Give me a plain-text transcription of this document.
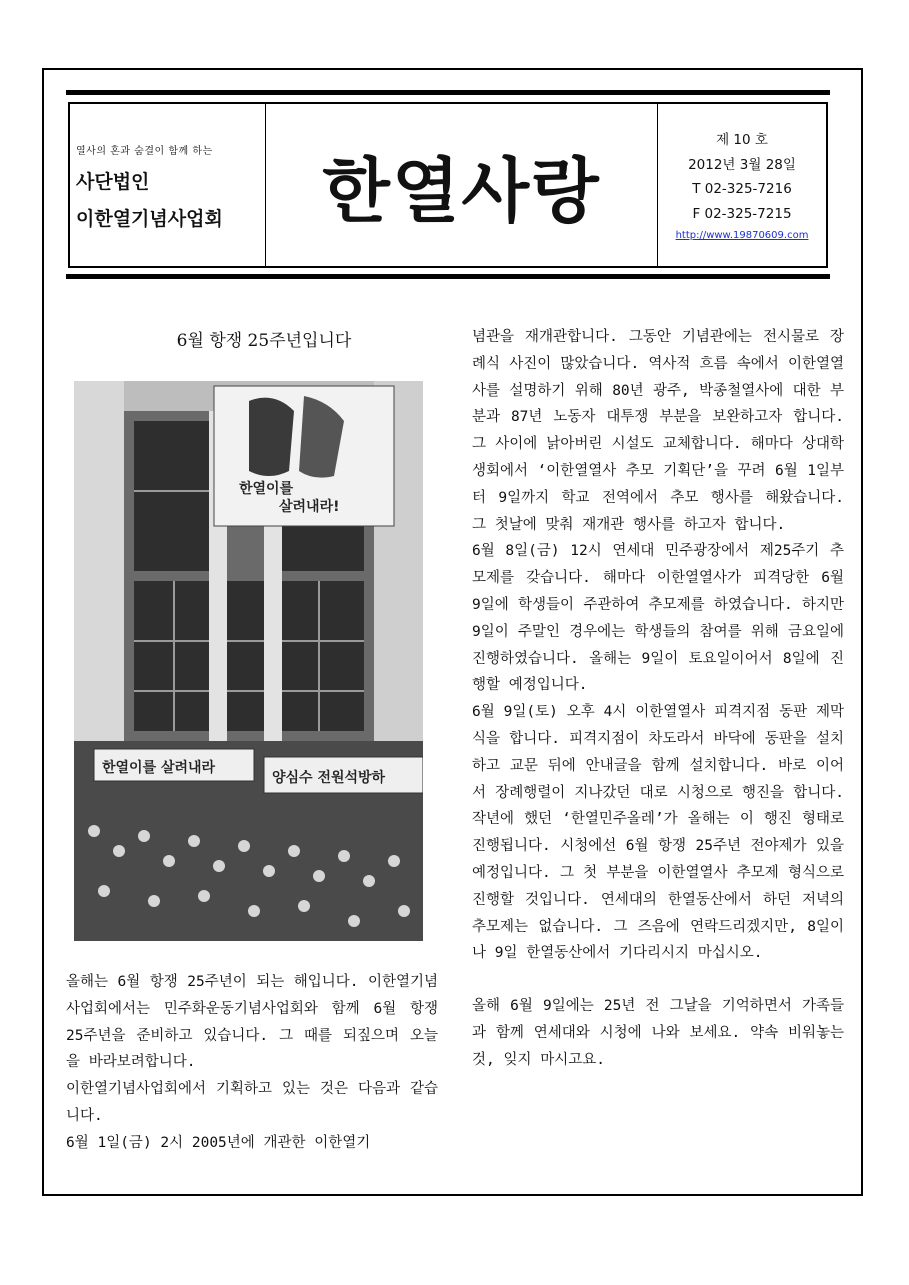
열사의 혼과 숨결이 함께 하는
사단법인
이한열기념사업회	한열사랑
제 10 호
2012년 3월 28일
T 02-325-7216
F 02-325-7215
http://www.19870609.com
6월 항쟁 25주년입니다
한열이를
살려내라!
한열이를 살려내라
양심수 전원석방하

올해는 6월 항쟁 25주년이 되는 해입니다. 이한열기념사업회에서는 민주화운동기념사업회와 함께 6월 항쟁 25주년을 준비하고 있습니다. 그 때를 되짚으며 오늘을 바라보려합니다.

이한열기념사업회에서 기획하고 있는 것은 다음과 같습니다.

6월 1일(금) 2시 2005년에 개관한 이한열기

념관을 재개관합니다. 그동안 기념관에는 전시물로 장례식 사진이 많았습니다. 역사적 흐름 속에서 이한열열사를 설명하기 위해 80년 광주, 박종철열사에 대한 부분과 87년 노동자 대투쟁 부분을 보완하고자 합니다. 그 사이에 낡아버린 시설도 교체합니다. 해마다 상대학생회에서 ‘이한열열사 추모 기획단’을 꾸려 6월 1일부터 9일까지 학교 전역에서 추모 행사를 해왔습니다. 그 첫날에 맞춰 재개관 행사를 하고자 합니다.

6월 8일(금) 12시 연세대 민주광장에서 제25주기 추모제를 갖습니다. 해마다 이한열열사가 피격당한 6월 9일에 학생들이 주관하여 추모제를 하였습니다. 하지만 9일이 주말인 경우에는 학생들의 참여를 위해 금요일에 진행하였습니다. 올해는 9일이 토요일이어서 8일에 진행할 예정입니다.

6월 9일(토) 오후 4시 이한열열사 피격지점 동판 제막식을 합니다. 피격지점이 차도라서 바닥에 동판을 설치하고 교문 뒤에 안내글을 함께 설치합니다. 바로 이어서 장례행렬이 지나갔던 대로 시청으로 행진을 합니다. 작년에 했던 ‘한열민주올레’가 올해는 이 행진 형태로 진행됩니다. 시청에선 6월 항쟁 25주년 전야제가 있을 예정입니다. 그 첫 부분을 이한열열사 추모제 형식으로 진행할 것입니다. 연세대의 한열동산에서 하던 저녁의 추모제는 없습니다. 그 즈음에 연락드리겠지만, 8일이나 9일 한열동산에서 기다리시지 마십시오.

올해 6월 9일에는 25년 전 그날을 기억하면서 가족들과 함께 연세대와 시청에 나와 보세요. 약속 비워놓는 것, 잊지 마시고요.
